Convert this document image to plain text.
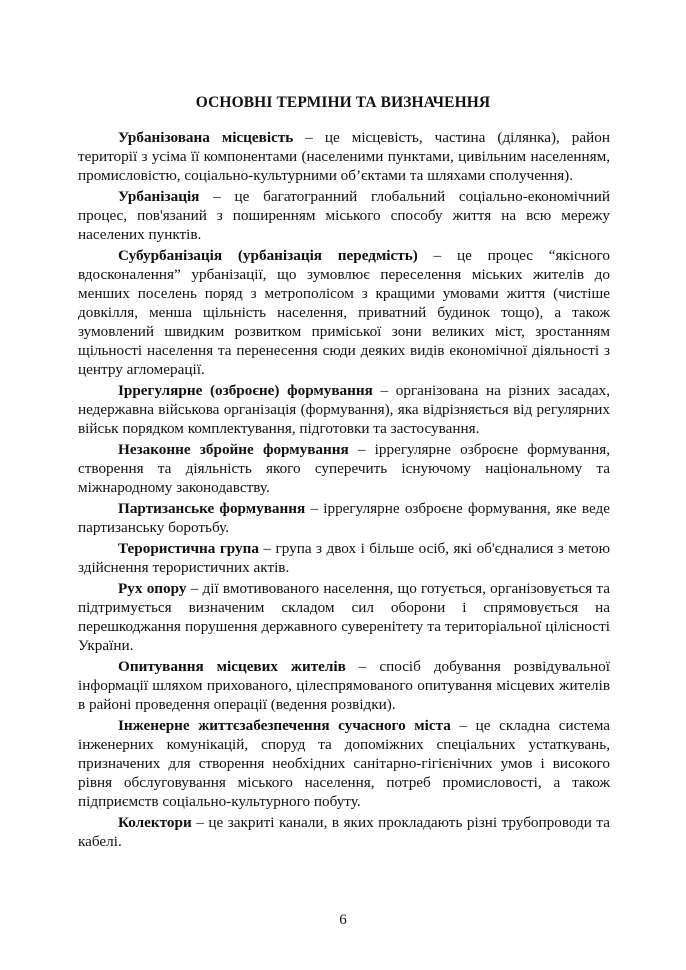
ОСНОВНІ ТЕРМІНИ ТА ВИЗНАЧЕННЯ

Урбанізована місцевість – це місцевість, частина (ділянка), район території з усіма її компонентами (населеними пунктами, цивільним населенням, промисловістю, соціально-культурними об’єктами та шляхами сполучення).

Урбанізація – це багатогранний глобальний соціально-економічний процес, пов'язаний з поширенням міського способу життя на всю мережу населених пунктів.

Субурбанізація (урбанізація передмість) – це процес “якісного вдосконалення” урбанізації, що зумовлює переселення міських жителів до менших поселень поряд з метрополісом з кращими умовами життя (чистіше довкілля, менша щільність населення, приватний будинок тощо), а також зумовлений швидким розвитком приміської зони великих міст, зростанням щільності населення та перенесення сюди деяких видів економічної діяльності з центру агломерації.

Іррегулярне (озброєне) формування – організована на різних засадах, недержавна військова організація (формування), яка відрізняється від регулярних військ порядком комплектування, підготовки та застосування.

Незаконне збройне формування – іррегулярне озброєне формування, створення та діяльність якого суперечить існуючому національному та міжнародному законодавству.

Партизанське формування – іррегулярне озброєне формування, яке веде партизанську боротьбу.

Терористична група – група з двох і більше осіб, які об'єдналися з метою здійснення терористичних актів.

Рух опору – дії вмотивованого населення, що готується, організовується та підтримується визначеним складом сил оборони і спрямовується на перешкоджання порушення державного суверенітету та територіальної цілісності України.

Опитування місцевих жителів – спосіб добування розвідувальної інформації шляхом прихованого, цілеспрямованого опитування місцевих жителів в районі проведення операції (ведення розвідки).

Інженерне життєзабезпечення сучасного міста – це складна система інженерних комунікацій, споруд та допоміжних спеціальних устаткувань, призначених для створення необхідних санітарно-гігієнічних умов і високого рівня обслуговування міського населення, потреб промисловості, а також підприємств соціально-культурного побуту.

Колектори – це закриті канали, в яких прокладають різні трубопроводи та кабелі.

6
